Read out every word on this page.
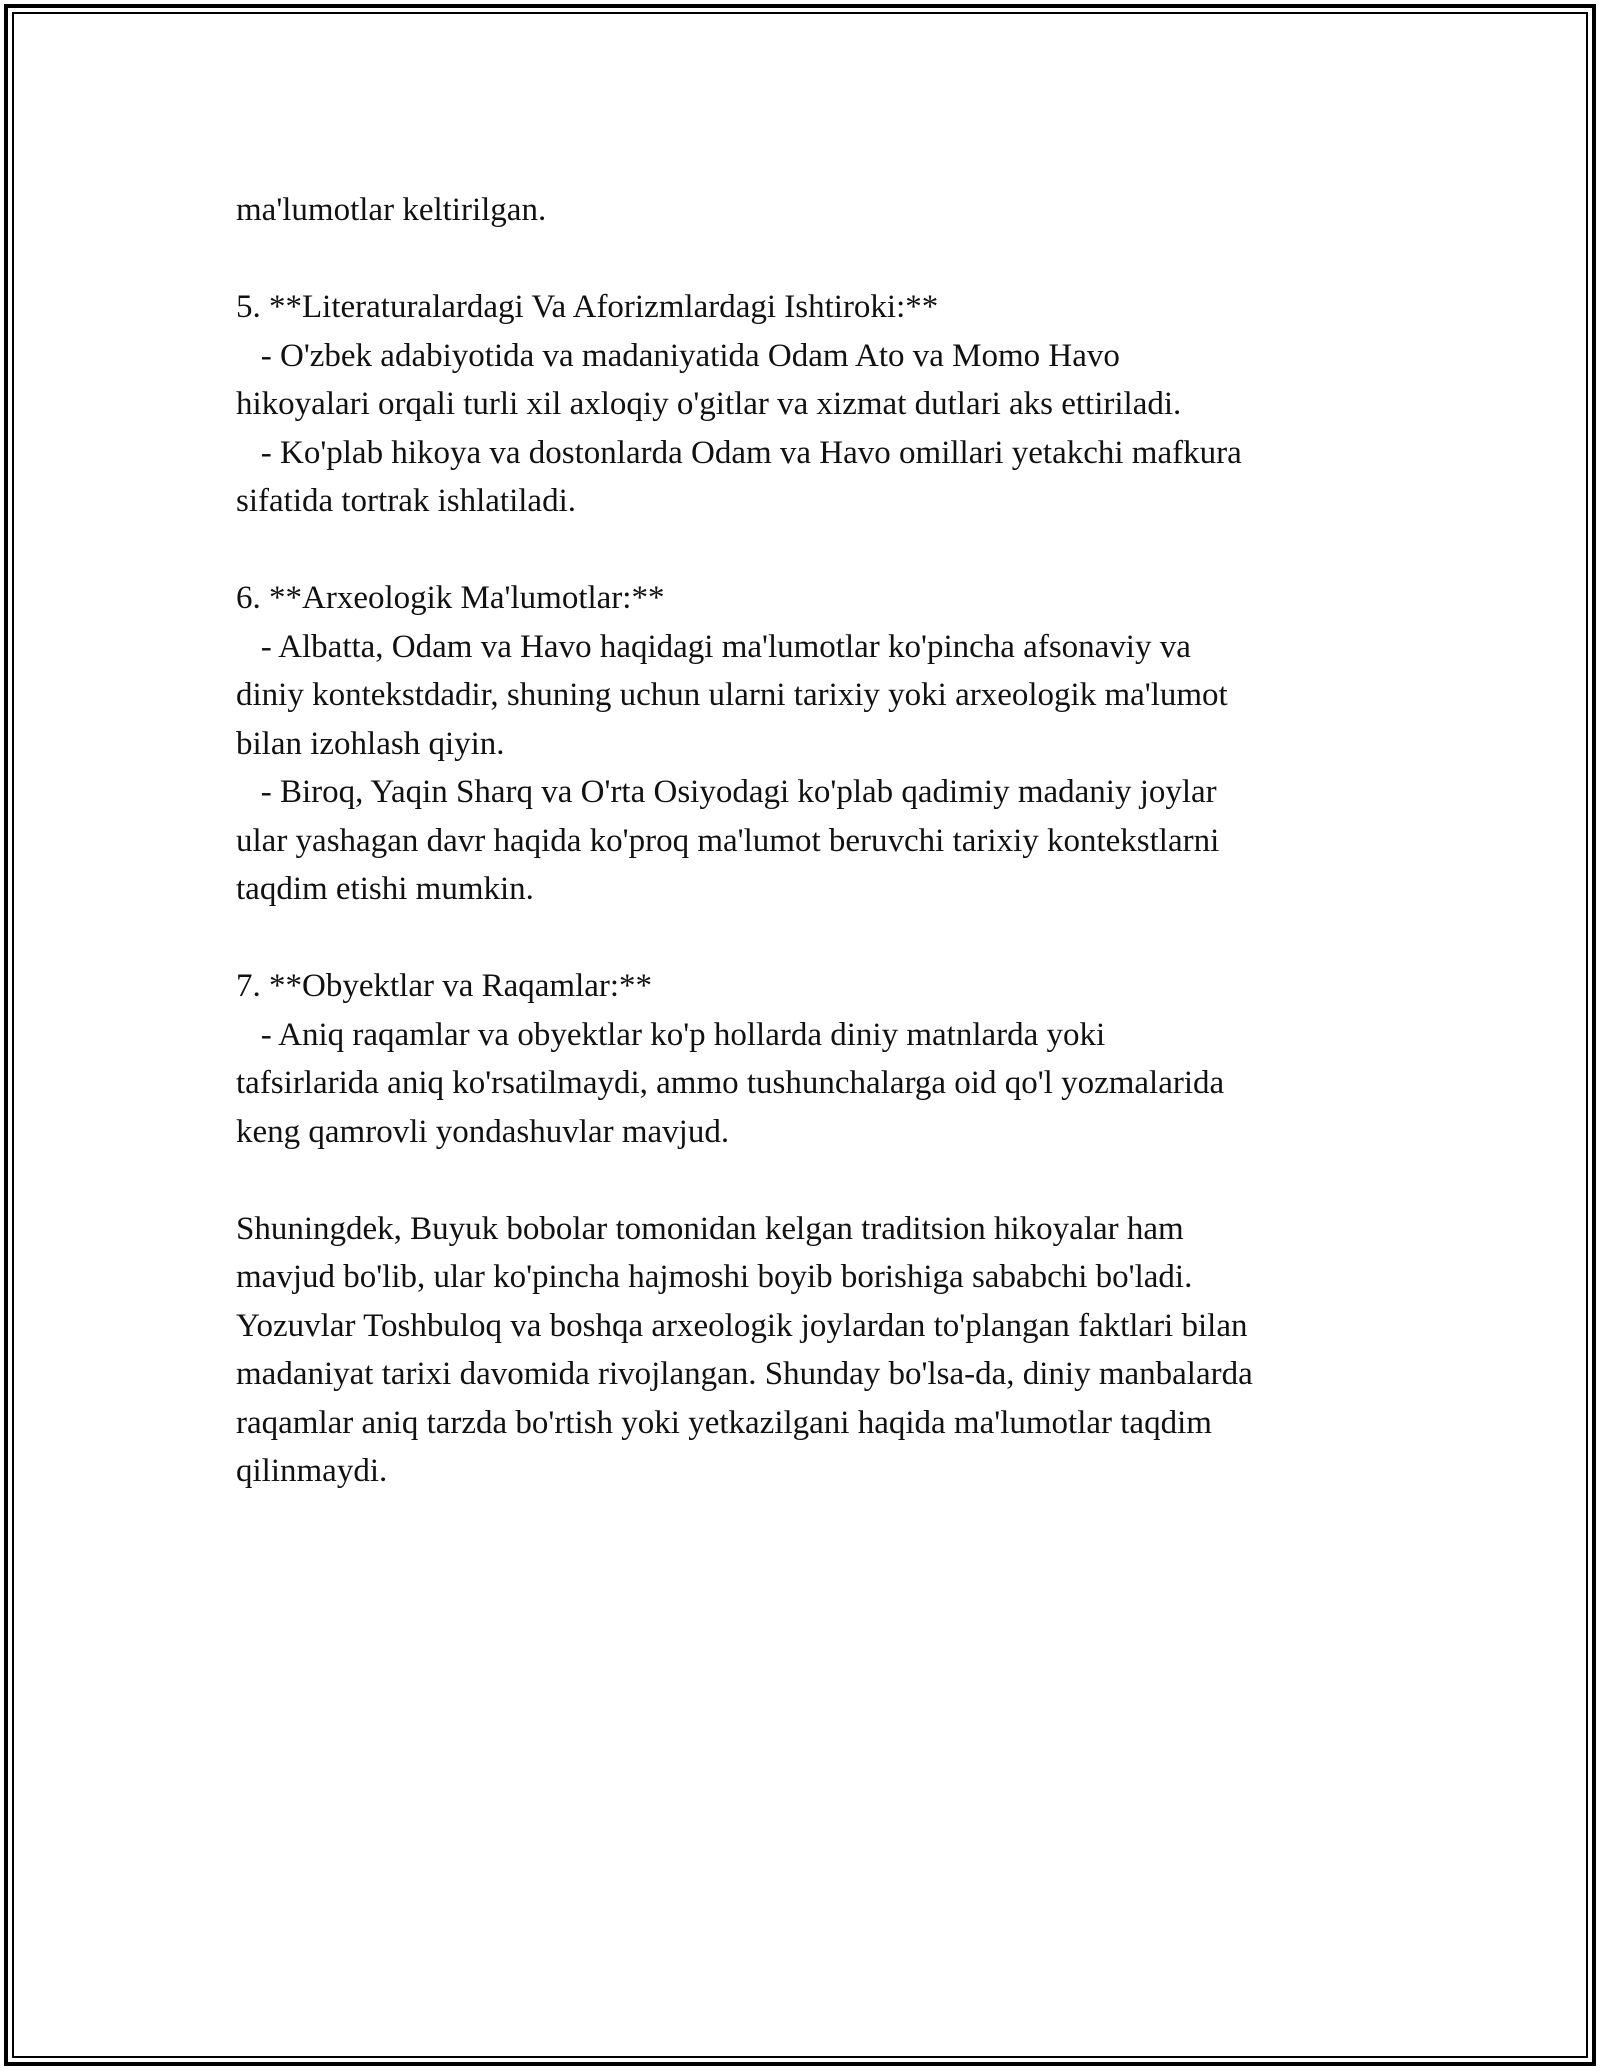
ma'lumotlar keltirilgan.
5. **Literaturalardagi Va Aforizmlardagi Ishtiroki:**
- O'zbek adabiyotida va madaniyatida Odam Ato va Momo Havo
hikoyalari orqali turli xil axloqiy o'gitlar va xizmat dutlari aks ettiriladi.
- Ko'plab hikoya va dostonlarda Odam va Havo omillari yetakchi mafkura
sifatida tortrak ishlatiladi.
6. **Arxeologik Ma'lumotlar:**
- Albatta, Odam va Havo haqidagi ma'lumotlar ko'pincha afsonaviy va
diniy kontekstdadir, shuning uchun ularni tarixiy yoki arxeologik ma'lumot
bilan izohlash qiyin.
- Biroq, Yaqin Sharq va O'rta Osiyodagi ko'plab qadimiy madaniy joylar
ular yashagan davr haqida ko'proq ma'lumot beruvchi tarixiy kontekstlarni
taqdim etishi mumkin.
7. **Obyektlar va Raqamlar:**
- Aniq raqamlar va obyektlar ko'p hollarda diniy matnlarda yoki
tafsirlarida aniq ko'rsatilmaydi, ammo tushunchalarga oid qo'l yozmalarida
keng qamrovli yondashuvlar mavjud.
Shuningdek, Buyuk bobolar tomonidan kelgan traditsion hikoyalar ham
mavjud bo'lib, ular ko'pincha hajmoshi boyib borishiga sababchi bo'ladi.
Yozuvlar Toshbuloq va boshqa arxeologik joylardan to'plangan faktlari bilan
madaniyat tarixi davomida rivojlangan. Shunday bo'lsa-da, diniy manbalarda
raqamlar aniq tarzda bo'rtish yoki yetkazilgani haqida ma'lumotlar taqdim
qilinmaydi.
